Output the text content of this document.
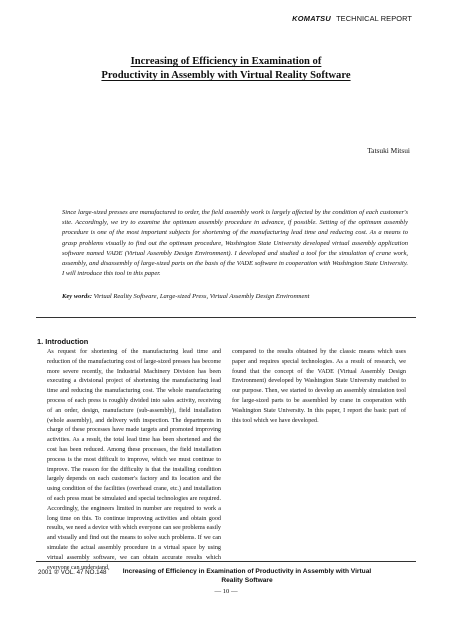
KOMATSU TECHNICAL REPORT
Increasing of Efficiency in Examination of
Productivity in Assembly with Virtual Reality Software
Tatsuki Mitsui

Since large-sized presses are manufactured to order, the field assembly work is largely affected by the condition of each customer's site. Accordingly, we try to examine the optimum assembly procedure in advance, if possible. Setting of the optimum assembly procedure is one of the most important subjects for shortening of the manufacturing lead time and reducing cost. As a means to grasp problems visually to find out the optimum procedure, Washington State University developed virtual assembly application software named VADE (Virtual Assembly Design Environment). I developed and studied a tool for the simulation of crane work, assembly, and disassembly of large-sized parts on the basis of the VADE software in cooperation with Washington State University. I will introduce this tool in this paper.

Key words: Virtual Reality Software, Large-sized Press, Virtual Assembly Design Environment

1. Introduction

As request for shortening of the manufacturing lead time and reduction of the manufacturing cost of large-sized presses has become more severe recently, the Industrial Machinery Division has been executing a divisional project of shortening the manufacturing lead time and reducing the manufacturing cost. The whole manufacturing process of each press is roughly divided into sales activity, receiving of an order, design, manufacture (sub-assembly), field installation (whole assembly), and delivery with inspection. The departments in charge of these processes have made targets and promoted improving activities. As a result, the total lead time has been shortened and the cost has been reduced. Among these processes, the field installation process is the most difficult to improve, which we must continue to improve. The reason for the difficulty is that the installing condition largely depends on each customer's factory and its location and the using condition of the facilities (overhead crane, etc.) and installation of each press must be simulated and special technologies are required. Accordingly, the engineers limited in number are required to work a long time on this. To continue improving activities and obtain good results, we need a device with which everyone can see problems easily and visually and find out the means to solve such problems. If we can simulate the actual assembly procedure in a virtual space by using virtual assembly software, we can obtain accurate results which everyone can understand,

compared to the results obtained by the classic means which uses paper and requires special technologies. As a result of research, we found that the concept of the VADE (Virtual Assembly Design Environment) developed by Washington State University matched to our purpose. Then, we started to develop an assembly simulation tool for large-sized parts to be assembled by crane in cooperation with Washington State University. In this paper, I report the basic part of this tool which we have developed.

2001 ② VOL. 47 NO.148	Increasing of Efficiency in Examination of Productivity in Assembly with Virtual Reality Software
— 10 —
